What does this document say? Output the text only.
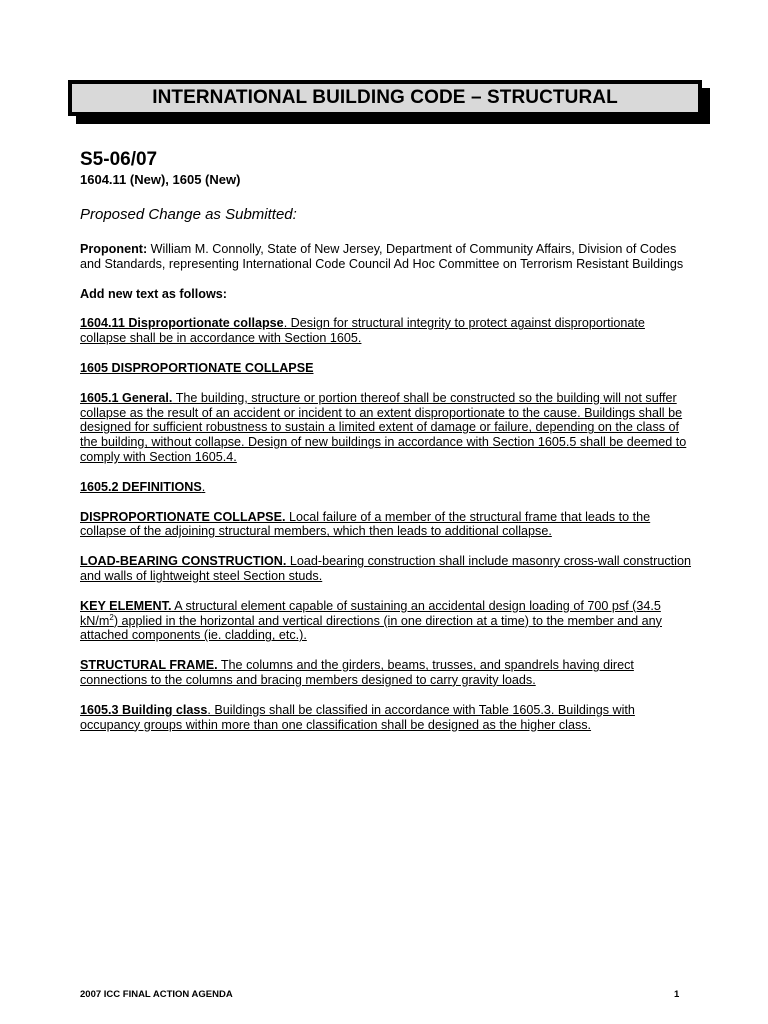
INTERNATIONAL BUILDING CODE – STRUCTURAL
S5-06/07
1604.11 (New), 1605 (New)
Proposed Change as Submitted:

Proponent: William M. Connolly, State of New Jersey, Department of Community Affairs, Division of Codes
and Standards, representing International Code Council Ad Hoc Committee on Terrorism Resistant Buildings

Add new text as follows:

1604.11 Disproportionate collapse. Design for structural integrity to protect against disproportionate
collapse shall be in accordance with Section 1605.

1605 DISPROPORTIONATE COLLAPSE

1605.1 General. The building, structure or portion thereof shall be constructed so the building will not suffer
collapse as the result of an accident or incident to an extent disproportionate to the cause. Buildings shall be
designed for sufficient robustness to sustain a limited extent of damage or failure, depending on the class of
the building, without collapse. Design of new buildings in accordance with Section 1605.5 shall be deemed to
comply with Section 1605.4.

1605.2 DEFINITIONS.

DISPROPORTIONATE COLLAPSE. Local failure of a member of the structural frame that leads to the
collapse of the adjoining structural members, which then leads to additional collapse.

LOAD-BEARING CONSTRUCTION. Load-bearing construction shall include masonry cross-wall construction
and walls of lightweight steel Section studs.

KEY ELEMENT. A structural element capable of sustaining an accidental design loading of 700 psf (34.5
$kN/m^2$) applied in the horizontal and vertical directions (in one direction at a time) to the member and any
attached components (ie. cladding, etc.).

STRUCTURAL FRAME. The columns and the girders, beams, trusses, and spandrels having direct
connections to the columns and bracing members designed to carry gravity loads.

1605.3 Building class. Buildings shall be classified in accordance with Table 1605.3. Buildings with
occupancy groups within more than one classification shall be designed as the higher class.

2007 ICC FINAL ACTION AGENDA	1
